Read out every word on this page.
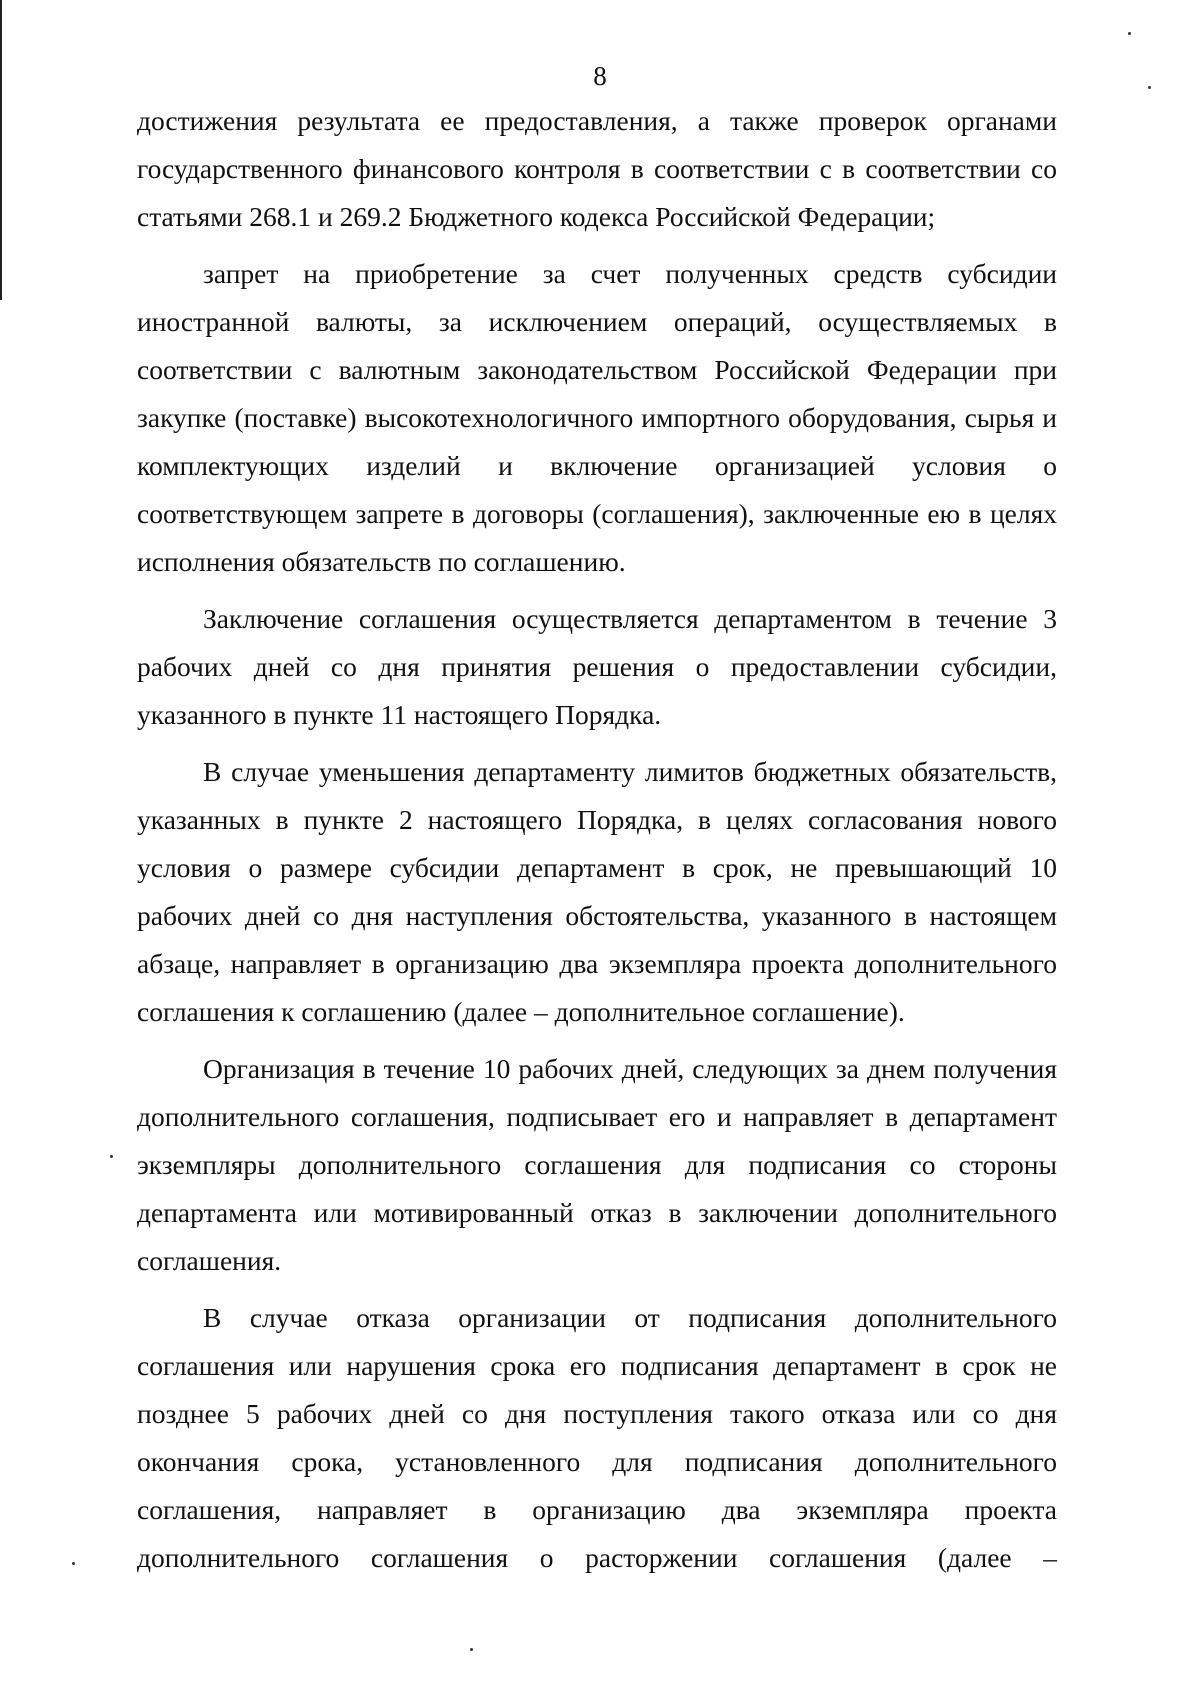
8

достижения результата ее предоставления, а также проверок органами государственного финансового контроля в соответствии с в соответствии со статьями 268.1 и 269.2 Бюджетного кодекса Российской Федерации;

запрет на приобретение за счет полученных средств субсидии иностранной валюты, за исключением операций, осуществляемых в соответствии с валютным законодательством Российской Федерации при закупке (поставке) высокотехнологичного импортного оборудования, сырья и комплектующих изделий и включение организацией условия о соответствующем запрете в договоры (соглашения), заключенные ею в целях исполнения обязательств по соглашению.

Заключение соглашения осуществляется департаментом в течение 3 рабочих дней со дня принятия решения о предоставлении субсидии, указанного в пункте 11 настоящего Порядка.

В случае уменьшения департаменту лимитов бюджетных обязательств, указанных в пункте 2 настоящего Порядка, в целях согласования нового условия о размере субсидии департамент в срок, не превышающий 10 рабочих дней со дня наступления обстоятельства, указанного в настоящем абзаце, направляет в организацию два экземпляра проекта дополнительного соглашения к соглашению (далее – дополнительное соглашение).

Организация в течение 10 рабочих дней, следующих за днем получения дополнительного соглашения, подписывает его и направляет в департамент экземпляры дополнительного соглашения для подписания со стороны департамента или мотивированный отказ в заключении дополнительного соглашения.

В случае отказа организации от подписания дополнительного соглашения или нарушения срока его подписания департамент в срок не позднее 5 рабочих дней со дня поступления такого отказа или со дня окончания срока, установленного для подписания дополнительного соглашения, направляет в организацию два экземпляра проекта дополнительного соглашения о расторжении соглашения (далее –
